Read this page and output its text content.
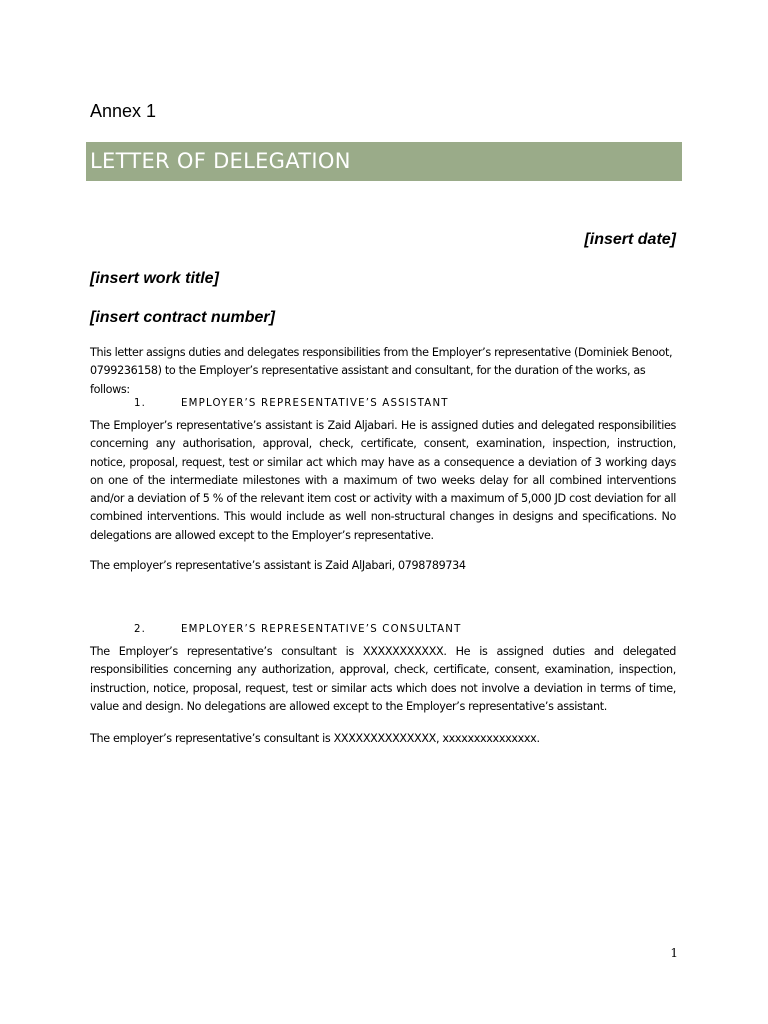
Annex 1
LETTER OF DELEGATION
[insert date]
[insert work title]
[insert contract number]
This letter assigns duties and delegates responsibilities from the Employer’s representative (Dominiek Benoot, 0799236158) to the Employer’s representative assistant and consultant, for the duration of the works, as follows:
1.	EMPLOYER’S REPRESENTATIVE’S ASSISTANT
The Employer’s representative’s assistant is Zaid Aljabari. He is assigned duties and delegated responsibilities concerning any authorisation, approval, check, certificate, consent, examination, inspection, instruction, notice, proposal, request, test or similar act which may have as a consequence a deviation of 3 working days on one of the intermediate milestones with a maximum of two weeks delay for all combined interventions and/or a deviation of 5 % of the relevant item cost or activity with a maximum of 5,000 JD cost deviation for all combined interventions. This would include as well non-structural changes in designs and specifications. No delegations are allowed except to the Employer’s representative.
The employer’s representative’s assistant is Zaid AlJabari, 0798789734
2.	EMPLOYER’S REPRESENTATIVE’S CONSULTANT
The Employer’s representative’s consultant is XXXXXXXXXXX. He is assigned duties and delegated responsibilities concerning any authorization, approval, check, certificate, consent, examination, inspection, instruction, notice, proposal, request, test or similar acts which does not involve a deviation in terms of time, value and design. No delegations are allowed except to the Employer’s representative’s assistant.
The employer’s representative’s consultant is XXXXXXXXXXXXXX, xxxxxxxxxxxxxxx.
1
